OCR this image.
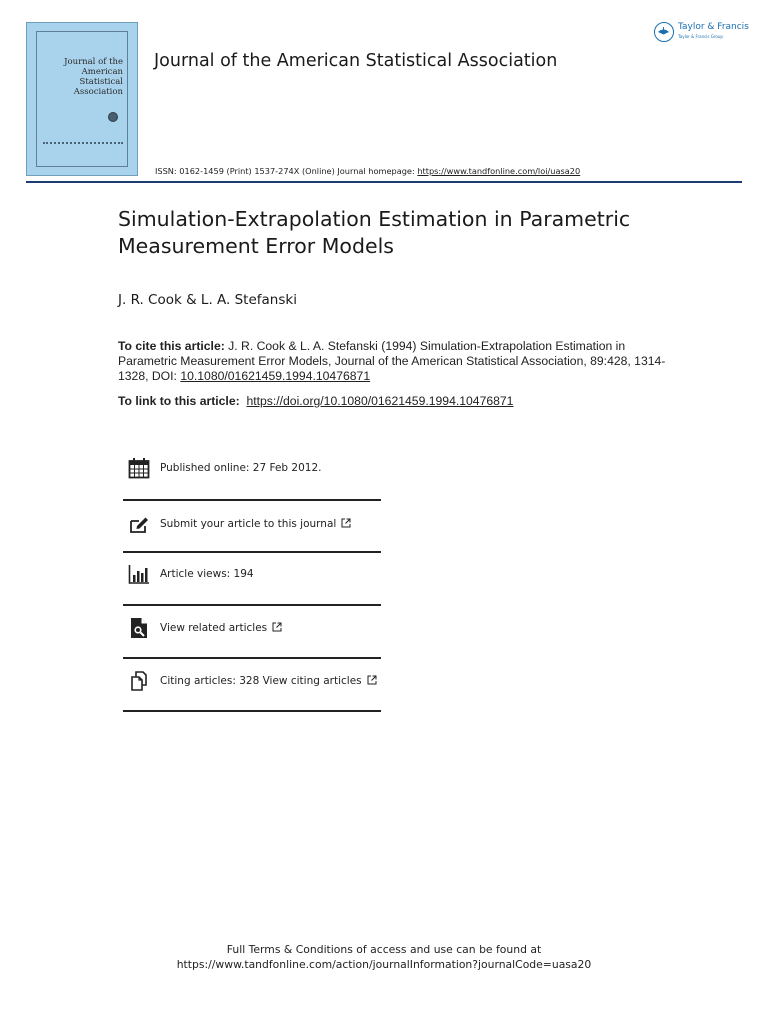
Journal of the
American
Statistical
Association
Journal of the American Statistical Association
Taylor & Francis
Taylor & Francis Group
ISSN: 0162-1459 (Print) 1537-274X (Online) Journal homepage: https://www.tandfonline.com/loi/uasa20
Simulation-Extrapolation Estimation in Parametric Measurement Error Models
J. R. Cook & L. A. Stefanski
To cite this article: J. R. Cook & L. A. Stefanski (1994) Simulation-Extrapolation Estimation in Parametric Measurement Error Models, Journal of the American Statistical Association, 89:428, 1314-1328, DOI: 10.1080/01621459.1994.10476871
To link to this article: https://doi.org/10.1080/01621459.1994.10476871
Published online: 27 Feb 2012.
Submit your article to this journal
Article views: 194
View related articles
Citing articles: 328 View citing articles
Full Terms & Conditions of access and use can be found at
https://www.tandfonline.com/action/journalInformation?journalCode=uasa20
